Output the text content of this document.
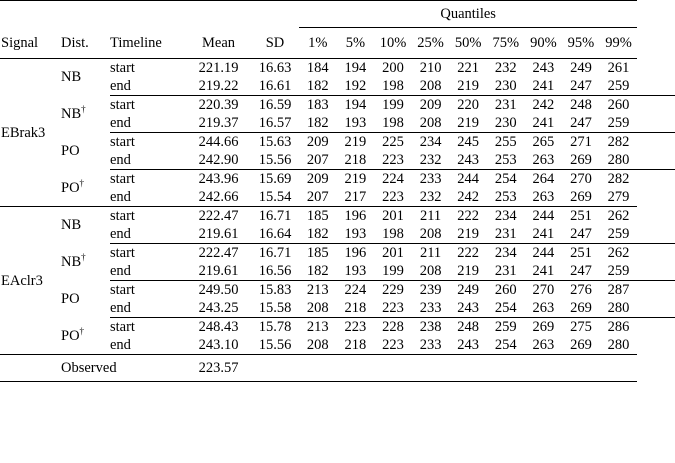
					Quantiles								
Signal	Dist.	Timeline	Mean	SD	1%	5%	10%	25%	50%	75%	90%	95%	99%

EBrak3	NB	start	221.19	16.63	184	194	200	210	221	232	243	249	261
		end	219.22	16.61	182	192	198	208	219	230	241	247	259

	NB†	start	220.39	16.59	183	194	199	209	220	231	242	248	260
		end	219.37	16.57	182	193	198	208	219	230	241	247	259

	PO	start	244.66	15.63	209	219	225	234	245	255	265	271	282
		end	242.90	15.56	207	218	223	232	243	253	263	269	280

	PO†	start	243.96	15.69	209	219	224	233	244	254	264	270	282
		end	242.66	15.54	207	217	223	232	242	253	263	269	279

EAclr3	NB	start	222.47	16.71	185	196	201	211	222	234	244	251	262
		end	219.61	16.64	182	193	198	208	219	231	241	247	259

	NB†	start	222.47	16.71	185	196	201	211	222	234	244	251	262
		end	219.61	16.56	182	193	199	208	219	231	241	247	259

	PO	start	249.50	15.83	213	224	229	239	249	260	270	276	287
		end	243.25	15.58	208	218	223	233	243	254	263	269	280

	PO†	start	248.43	15.78	213	223	228	238	248	259	269	275	286
		end	243.10	15.56	208	218	223	233	243	254	263	269	280

	Observed		223.57										
